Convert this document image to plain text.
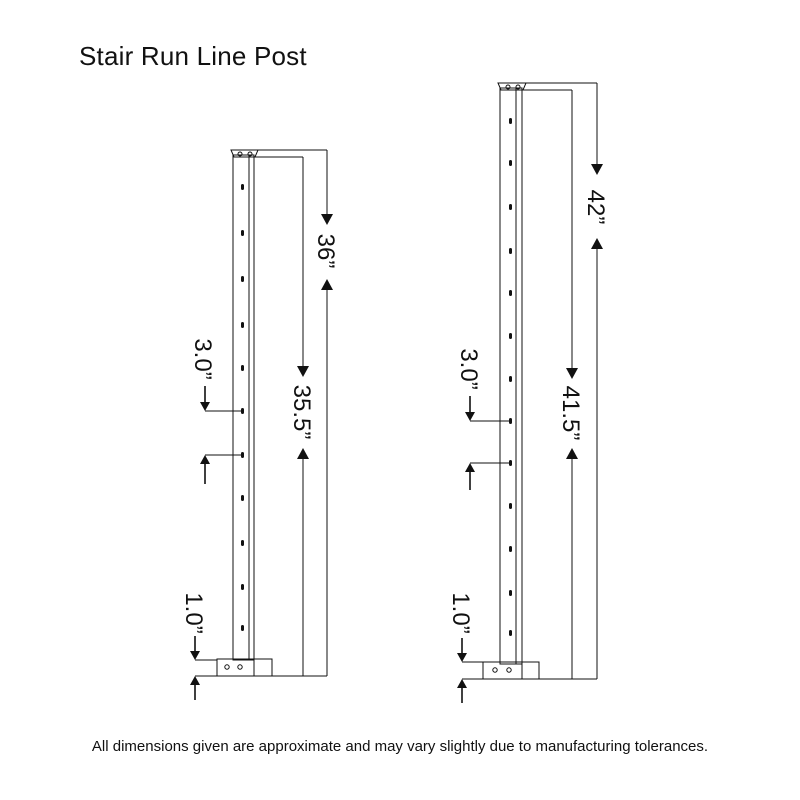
Stair Run Line Post
36”
35.5”
3.0”
1.0”
42”
41.5”
3.0”
1.0”

All dimensions given are approximate and may vary slightly due to manufacturing tolerances.
